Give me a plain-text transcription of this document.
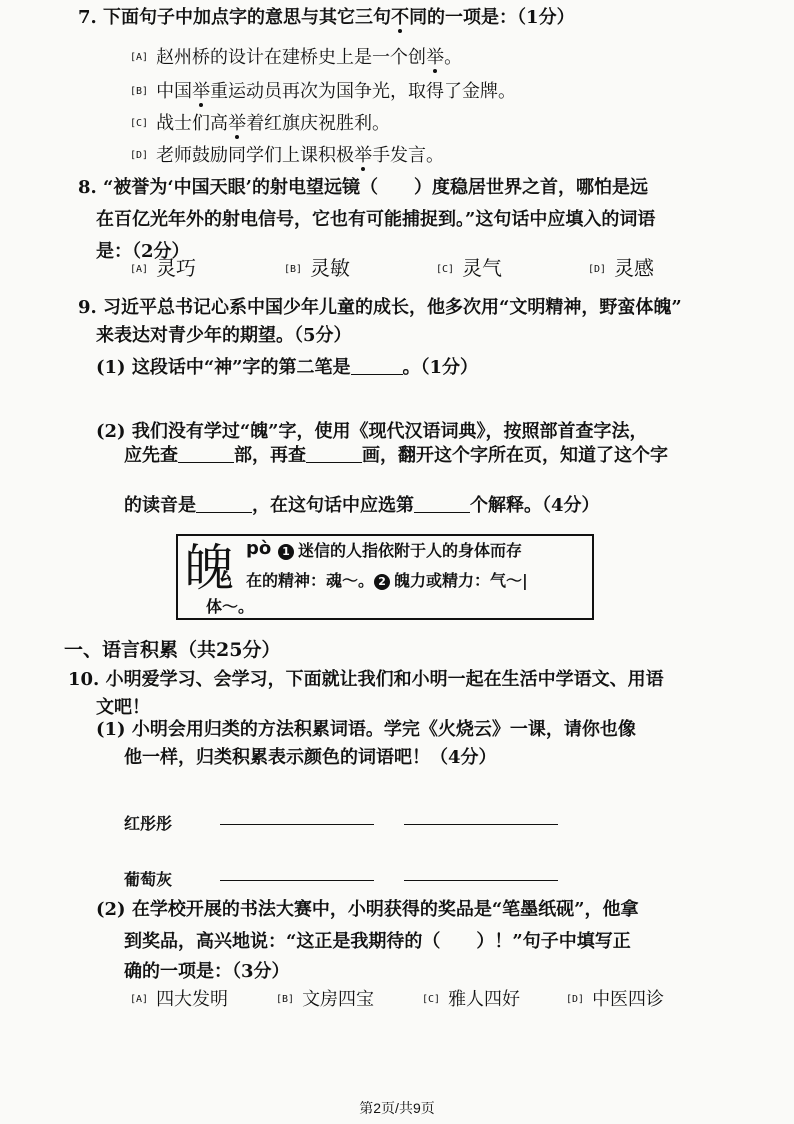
7. 下面句子中加点字的意思与其它三句不同的一项是：（1分）
[A] 赵州桥的设计在建桥史上是一个创举。
[B] 中国举重运动员再次为国争光，取得了金牌。
[C] 战士们高举着红旗庆祝胜利。
[D] 老师鼓励同学们上课积极举手发言。
8. “被誉为‘中国天眼’的射电望远镜（　　）度稳居世界之首，哪怕是远
在百亿光年外的射电信号，它也有可能捕捉到。”这句话中应填入的词语
是：（2分）
[A] 灵巧	[B] 灵敏	[C] 灵气	[D] 灵感
9. 习近平总书记心系中国少年儿童的成长，他多次用“文明精神，野蛮体魄”
来表达对青少年的期望。（5分）
(1) 这段话中“神”字的第二笔是	。（1分）
(2) 我们没有学过“魄”字，使用《现代汉语词典》，按照部首查字法，
应先查	部，再查	画，翻开这个字所在页，知道了这个字
的读音是	，在这句话中应选第	个解释。（4分）
魄 pò 1 迷信的人指依附于人的身体而存
在的精神：魂～。 2 魄力或精力：气～|
体～。
一、语言积累（共25分）
10. 小明爱学习、会学习，下面就让我们和小明一起在生活中学语文、用语
文吧！
(1) 小明会用归类的方法积累词语。学完《火烧云》一课，请你也像
他一样，归类积累表示颜色的词语吧！（4分）
红彤彤
葡萄灰
(2) 在学校开展的书法大赛中，小明获得的奖品是“笔墨纸砚”，他拿
到奖品，高兴地说：“这正是我期待的（　　）！”句子中填写正
确的一项是：（3分）
[A] 四大发明	[B] 文房四宝	[C] 雅人四好	[D] 中医四诊
第2页/共9页
